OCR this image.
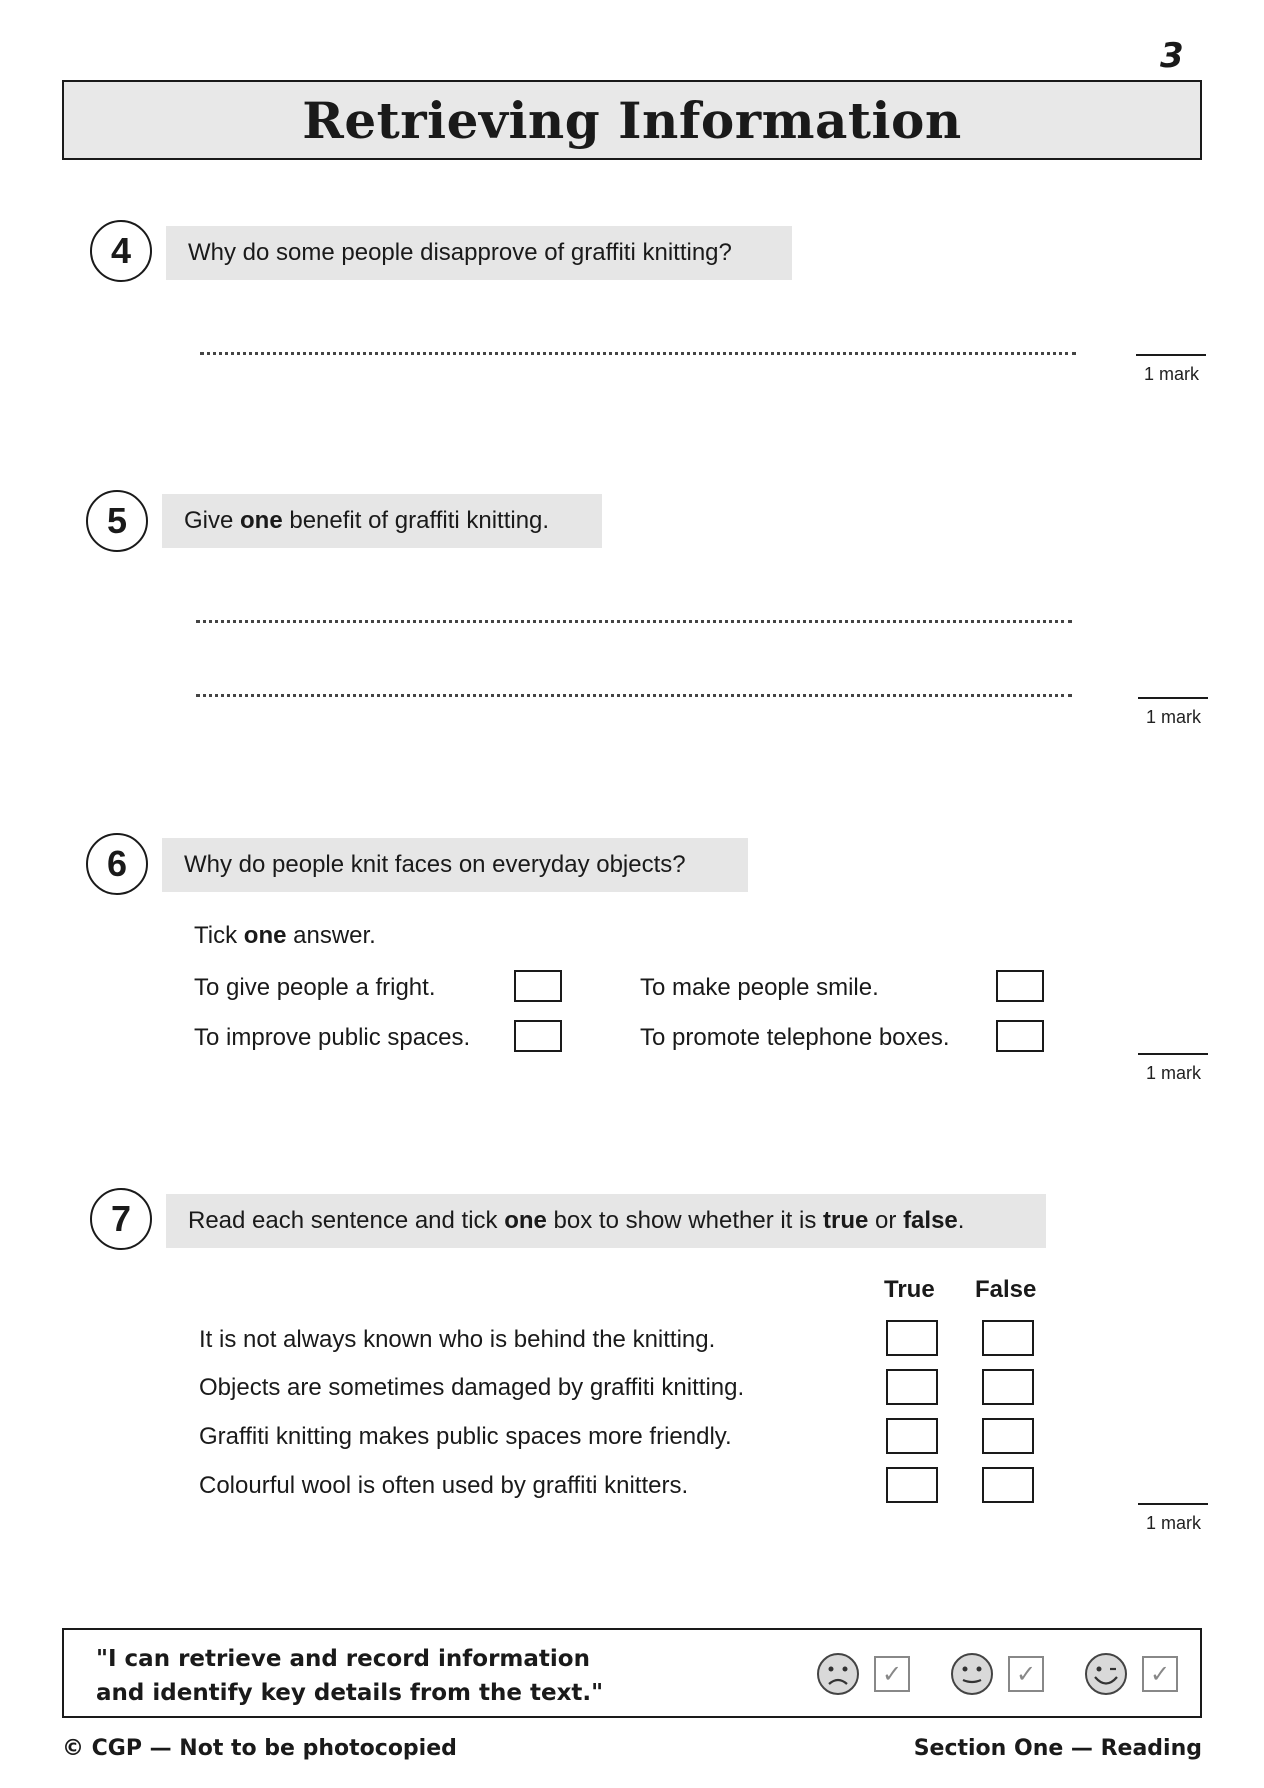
3
Retrieving Information
4	Why do some people disapprove of graffiti knitting?
1 mark
5	Give one benefit of graffiti knitting.
1 mark
6	Why do people knit faces on everyday objects?
Tick one answer.
To give people a fright.	To make people smile.
To improve public spaces.	To promote telephone boxes.
1 mark
7	Read each sentence and tick one box to show whether it is true or false .
True False
It is not always known who is behind the knitting.
Objects are sometimes damaged by graffiti knitting.
Graffiti knitting makes public spaces more friendly.
Colourful wool is often used by graffiti knitters.
1 mark
"I can retrieve and record information
and identify key details from the text."
✓	✓	✓
© CGP — Not to be photocopied	Section One — Reading
